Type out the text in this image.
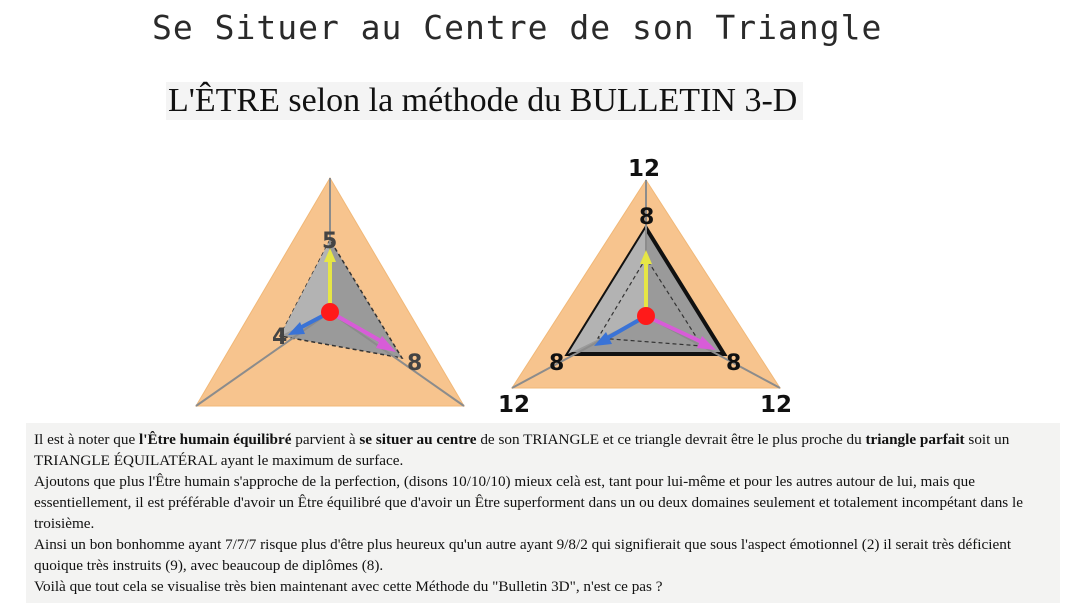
Se Situer au Centre de son Triangle
L'ÊTRE selon la méthode du BULLETIN 3-D
5
4
8
12
8
8	8
12	12

Il est à noter que l'Être humain équilibré parvient à se situer au centre de son TRIANGLE et ce triangle devrait être le plus proche du triangle parfait soit un TRIANGLE ÉQUILATÉRAL ayant le maximum de surface.

Ajoutons que plus l'Être humain s'approche de la perfection, (disons 10/10/10) mieux celà est, tant pour lui-même et pour les autres autour de lui, mais que essentiellement, il est préférable d'avoir un Être équilibré que d'avoir un Être superforment dans un ou deux domaines seulement et totalement incompétant dans le troisième.

Ainsi un bon bonhomme ayant 7/7/7 risque plus d'être plus heureux qu'un autre ayant 9/8/2 qui signifierait que sous l'aspect émotionnel (2) il serait très déficient quoique très instruits (9), avec beaucoup de diplômes (8).

Voilà que tout cela se visualise très bien maintenant avec cette Méthode du "Bulletin 3D", n'est ce pas ?
